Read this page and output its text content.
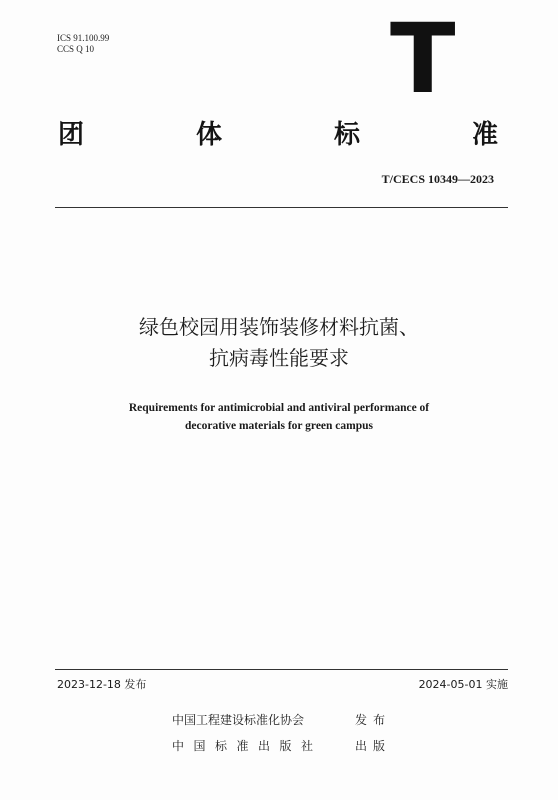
ICS 91.100.99
CCS Q 10	T
团	体	标	准
T/CECS 10349—2023
绿色校园用装饰装修材料抗菌、
抗病毒性能要求
Requirements for antimicrobial and antiviral performance of
decorative materials for green campus
2023-12-18 发布	2024-05-01 实施
中国工程建设标准化协会	发布
中国标准出版社	出版
